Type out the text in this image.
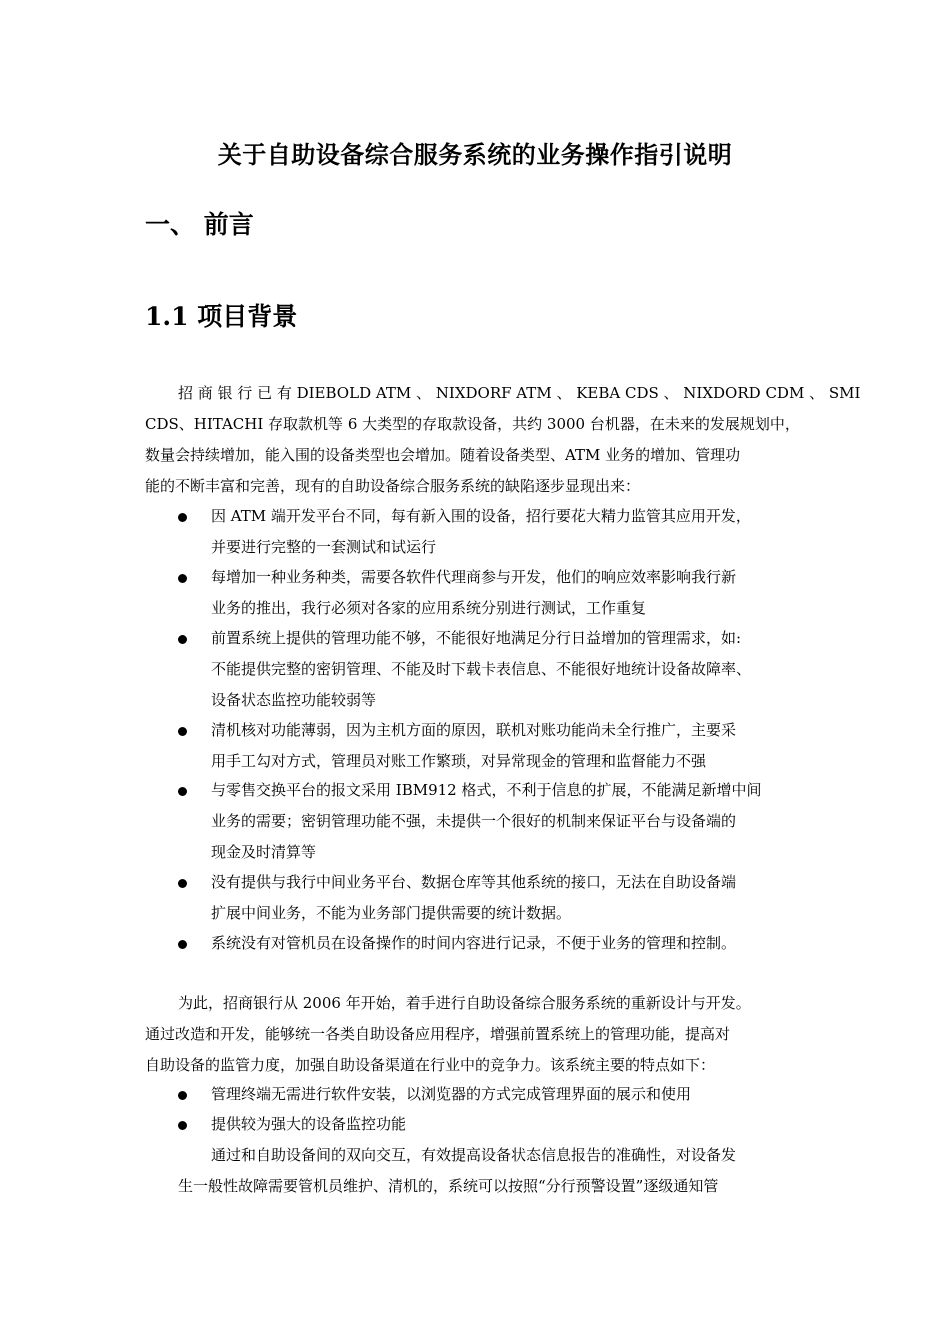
关于自助设备综合服务系统的业务操作指引说明
一、 前言
1.1 项目背景
招 商 银 行 已 有 DIEBOLD ATM 、 NIXDORF ATM 、 KEBA CDS 、 NIXDORD CDM 、 SMI
CDS、HITACHI 存取款机等 6 大类型的存取款设备，共约 3000 台机器，在未来的发展规划中，
数量会持续增加，能入围的设备类型也会增加。随着设备类型、ATM 业务的增加、管理功
能的不断丰富和完善，现有的自助设备综合服务系统的缺陷逐步显现出来：
因 ATM 端开发平台不同，每有新入围的设备，招行要花大精力监管其应用开发，
并要进行完整的一套测试和试运行
每增加一种业务种类，需要各软件代理商参与开发，他们的响应效率影响我行新
业务的推出，我行必须对各家的应用系统分别进行测试，工作重复
前置系统上提供的管理功能不够，不能很好地满足分行日益增加的管理需求，如:
不能提供完整的密钥管理、不能及时下载卡表信息、不能很好地统计设备故障率、
设备状态监控功能较弱等
清机核对功能薄弱，因为主机方面的原因，联机对账功能尚未全行推广，主要采
用手工勾对方式，管理员对账工作繁琐，对异常现金的管理和监督能力不强
与零售交换平台的报文采用 IBM912 格式，不利于信息的扩展，不能满足新增中间
业务的需要；密钥管理功能不强，未提供一个很好的机制来保证平台与设备端的
现金及时清算等
没有提供与我行中间业务平台、数据仓库等其他系统的接口，无法在自助设备端
扩展中间业务，不能为业务部门提供需要的统计数据。
系统没有对管机员在设备操作的时间内容进行记录，不便于业务的管理和控制。
为此，招商银行从 2006 年开始，着手进行自助设备综合服务系统的重新设计与开发。
通过改造和开发，能够统一各类自助设备应用程序，增强前置系统上的管理功能，提高对
自助设备的监管力度，加强自助设备渠道在行业中的竞争力。该系统主要的特点如下：
管理终端无需进行软件安装，以浏览器的方式完成管理界面的展示和使用
提供较为强大的设备监控功能
通过和自助设备间的双向交互，有效提高设备状态信息报告的准确性，对设备发
生一般性故障需要管机员维护、清机的，系统可以按照“分行预警设置”逐级通知管
